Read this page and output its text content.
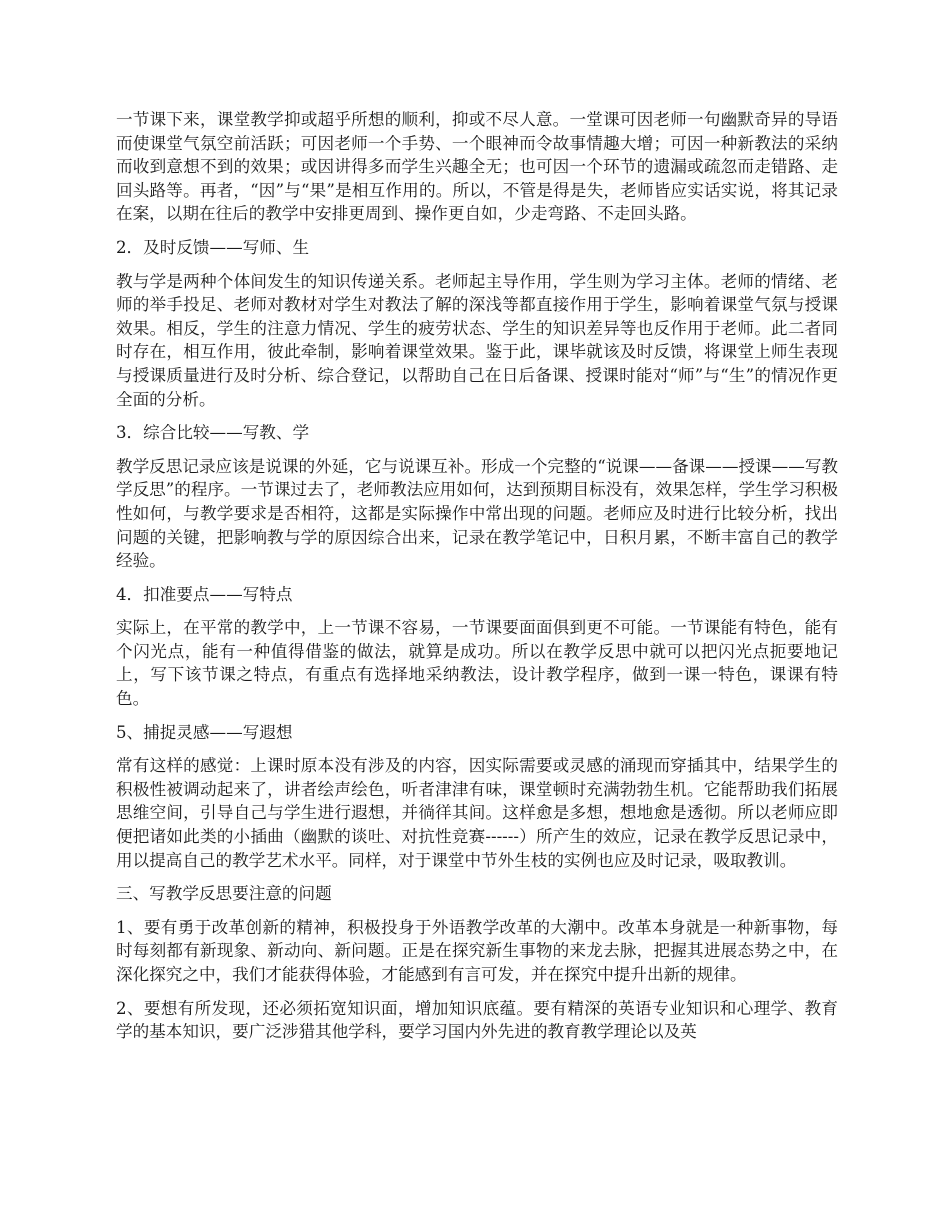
一节课下来，课堂教学抑或超乎所想的顺利，抑或不尽人意。一堂课可因老师一句幽默奇异的导语而使课堂气氛空前活跃；可因老师一个手势、一个眼神而令故事情趣大增；可因一种新教法的采纳而收到意想不到的效果；或因讲得多而学生兴趣全无；也可因一个环节的遗漏或疏忽而走错路、走回头路等。再者，“因”与“果”是相互作用的。所以，不管是得是失，老师皆应实话实说，将其记录在案，以期在往后的教学中安排更周到、操作更自如，少走弯路、不走回头路。

2．及时反馈——写师、生

教与学是两种个体间发生的知识传递关系。老师起主导作用，学生则为学习主体。老师的情绪、老师的举手投足、老师对教材对学生对教法了解的深浅等都直接作用于学生，影响着课堂气氛与授课效果。相反，学生的注意力情况、学生的疲劳状态、学生的知识差异等也反作用于老师。此二者同时存在，相互作用，彼此牵制，影响着课堂效果。鉴于此，课毕就该及时反馈，将课堂上师生表现与授课质量进行及时分析、综合登记，以帮助自己在日后备课、授课时能对“师”与“生”的情况作更全面的分析。

3．综合比较——写教、学

教学反思记录应该是说课的外延，它与说课互补。形成一个完整的“说课——备课——授课——写教学反思”的程序。一节课过去了，老师教法应用如何，达到预期目标没有，效果怎样，学生学习积极性如何，与教学要求是否相符，这都是实际操作中常出现的问题。老师应及时进行比较分析，找出问题的关键，把影响教与学的原因综合出来，记录在教学笔记中，日积月累，不断丰富自己的教学经验。

4．扣准要点——写特点

实际上，在平常的教学中，上一节课不容易，一节课要面面俱到更不可能。一节课能有特色，能有个闪光点，能有一种值得借鉴的做法，就算是成功。所以在教学反思中就可以把闪光点扼要地记上，写下该节课之特点，有重点有选择地采纳教法，设计教学程序，做到一课一特色，课课有特色。

5、捕捉灵感——写遐想

常有这样的感觉：上课时原本没有涉及的内容，因实际需要或灵感的涌现而穿插其中，结果学生的积极性被调动起来了，讲者绘声绘色，听者津津有味，课堂顿时充满勃勃生机。它能帮助我们拓展思维空间，引导自己与学生进行遐想，并徜徉其间。这样愈是多想，想地愈是透彻。所以老师应即便把诸如此类的小插曲（幽默的谈吐、对抗性竞赛------）所产生的效应，记录在教学反思记录中，用以提高自己的教学艺术水平。同样，对于课堂中节外生枝的实例也应及时记录，吸取教训。

三、写教学反思要注意的问题

1、要有勇于改革创新的精神，积极投身于外语教学改革的大潮中。改革本身就是一种新事物，每时每刻都有新现象、新动向、新问题。正是在探究新生事物的来龙去脉，把握其进展态势之中，在深化探究之中，我们才能获得体验，才能感到有言可发，并在探究中提升出新的规律。

2、要想有所发现，还必须拓宽知识面，增加知识底蕴。要有精深的英语专业知识和心理学、教育学的基本知识，要广泛涉猎其他学科，要学习国内外先进的教育教学理论以及英
